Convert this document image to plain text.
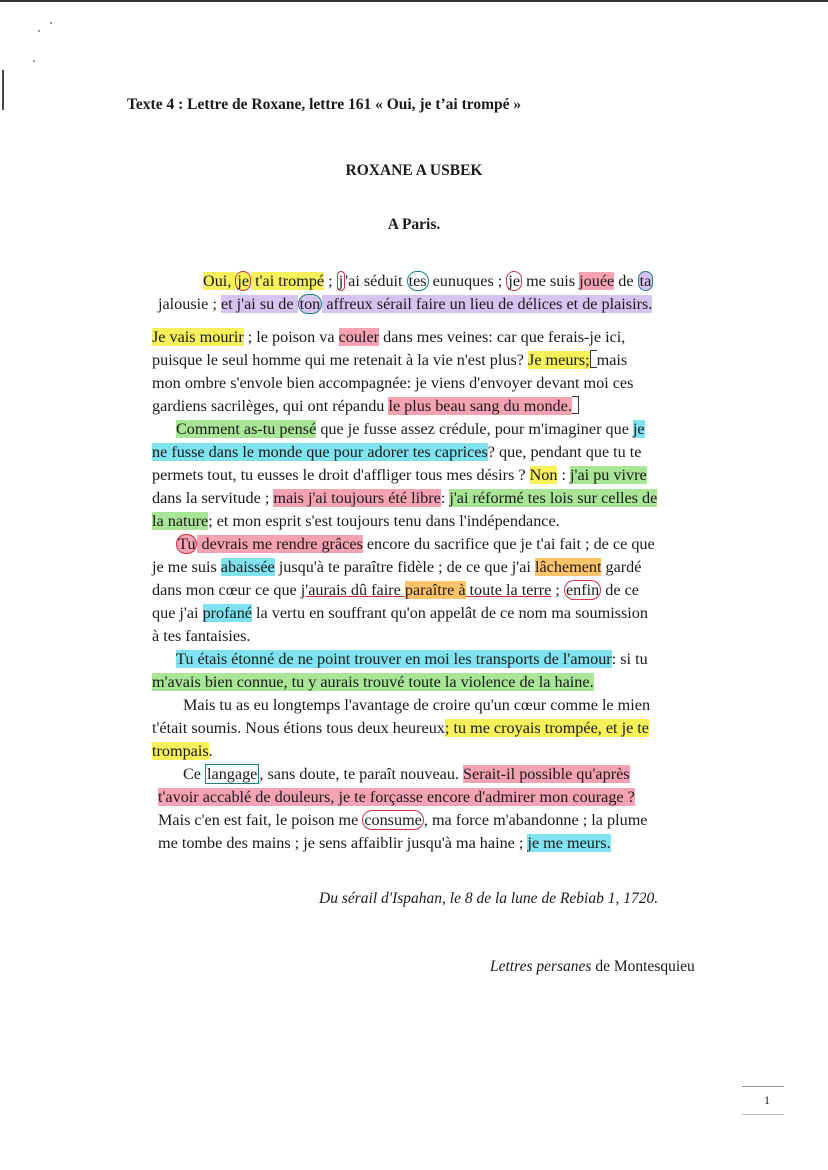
Texte 4 : Lettre de Roxane, lettre 161 « Oui, je t’ai trompé »
ROXANE A USBEK
A Paris.
Oui, je t'ai trompé ; j 'ai séduit tes eunuques ; je me suis jouée de ta
jalousie ; et j'ai su de ton affreux sérail faire un lieu de délices et de plaisirs.
Je vais mourir ; le poison va couler dans mes veines: car que ferais-je ici,
puisque le seul homme qui me retenait à la vie n'est plus? Je meurs; mais
mon ombre s'envole bien accompagnée: je viens d'envoyer devant moi ces
gardiens sacrilèges, qui ont répandu le plus beau sang du monde.
Comment as-tu pensé que je fusse assez crédule, pour m'imaginer que je
ne fusse dans le monde que pour adorer tes caprices? que, pendant que tu te
permets tout, tu eusses le droit d'affliger tous mes désirs ? Non : j'ai pu vivre
dans la servitude ; mais j'ai toujours été libre: j'ai réformé tes lois sur celles de
la nature; et mon esprit s'est toujours tenu dans l'indépendance.
Tu devrais me rendre grâces encore du sacrifice que je t'ai fait ; de ce que
je me suis abaissée jusqu'à te paraître fidèle ; de ce que j'ai lâchement gardé
dans mon cœur ce que j'aurais dû faire paraître à toute la terre ; enfin de ce
que j'ai profané la vertu en souffrant qu'on appelât de ce nom ma soumission
à tes fantaisies.
Tu étais étonné de ne point trouver en moi les transports de l'amour: si tu
m'avais bien connue, tu y aurais trouvé toute la violence de la haine.
Mais tu as eu longtemps l'avantage de croire qu'un cœur comme le mien
t'était soumis. Nous étions tous deux heureux; tu me croyais trompée, et je te
trompais.
Ce langage , sans doute, te paraît nouveau. Serait-il possible qu'après
t'avoir accablé de douleurs, je te forçasse encore d'admirer mon courage ?
Mais c'en est fait, le poison me consume , ma force m'abandonne ; la plume
me tombe des mains ; je sens affaiblir jusqu'à ma haine ; je me meurs.
Du sérail d'Ispahan, le 8 de la lune de Rebiab 1, 1720.
Lettres persanes de Montesquieu
1
